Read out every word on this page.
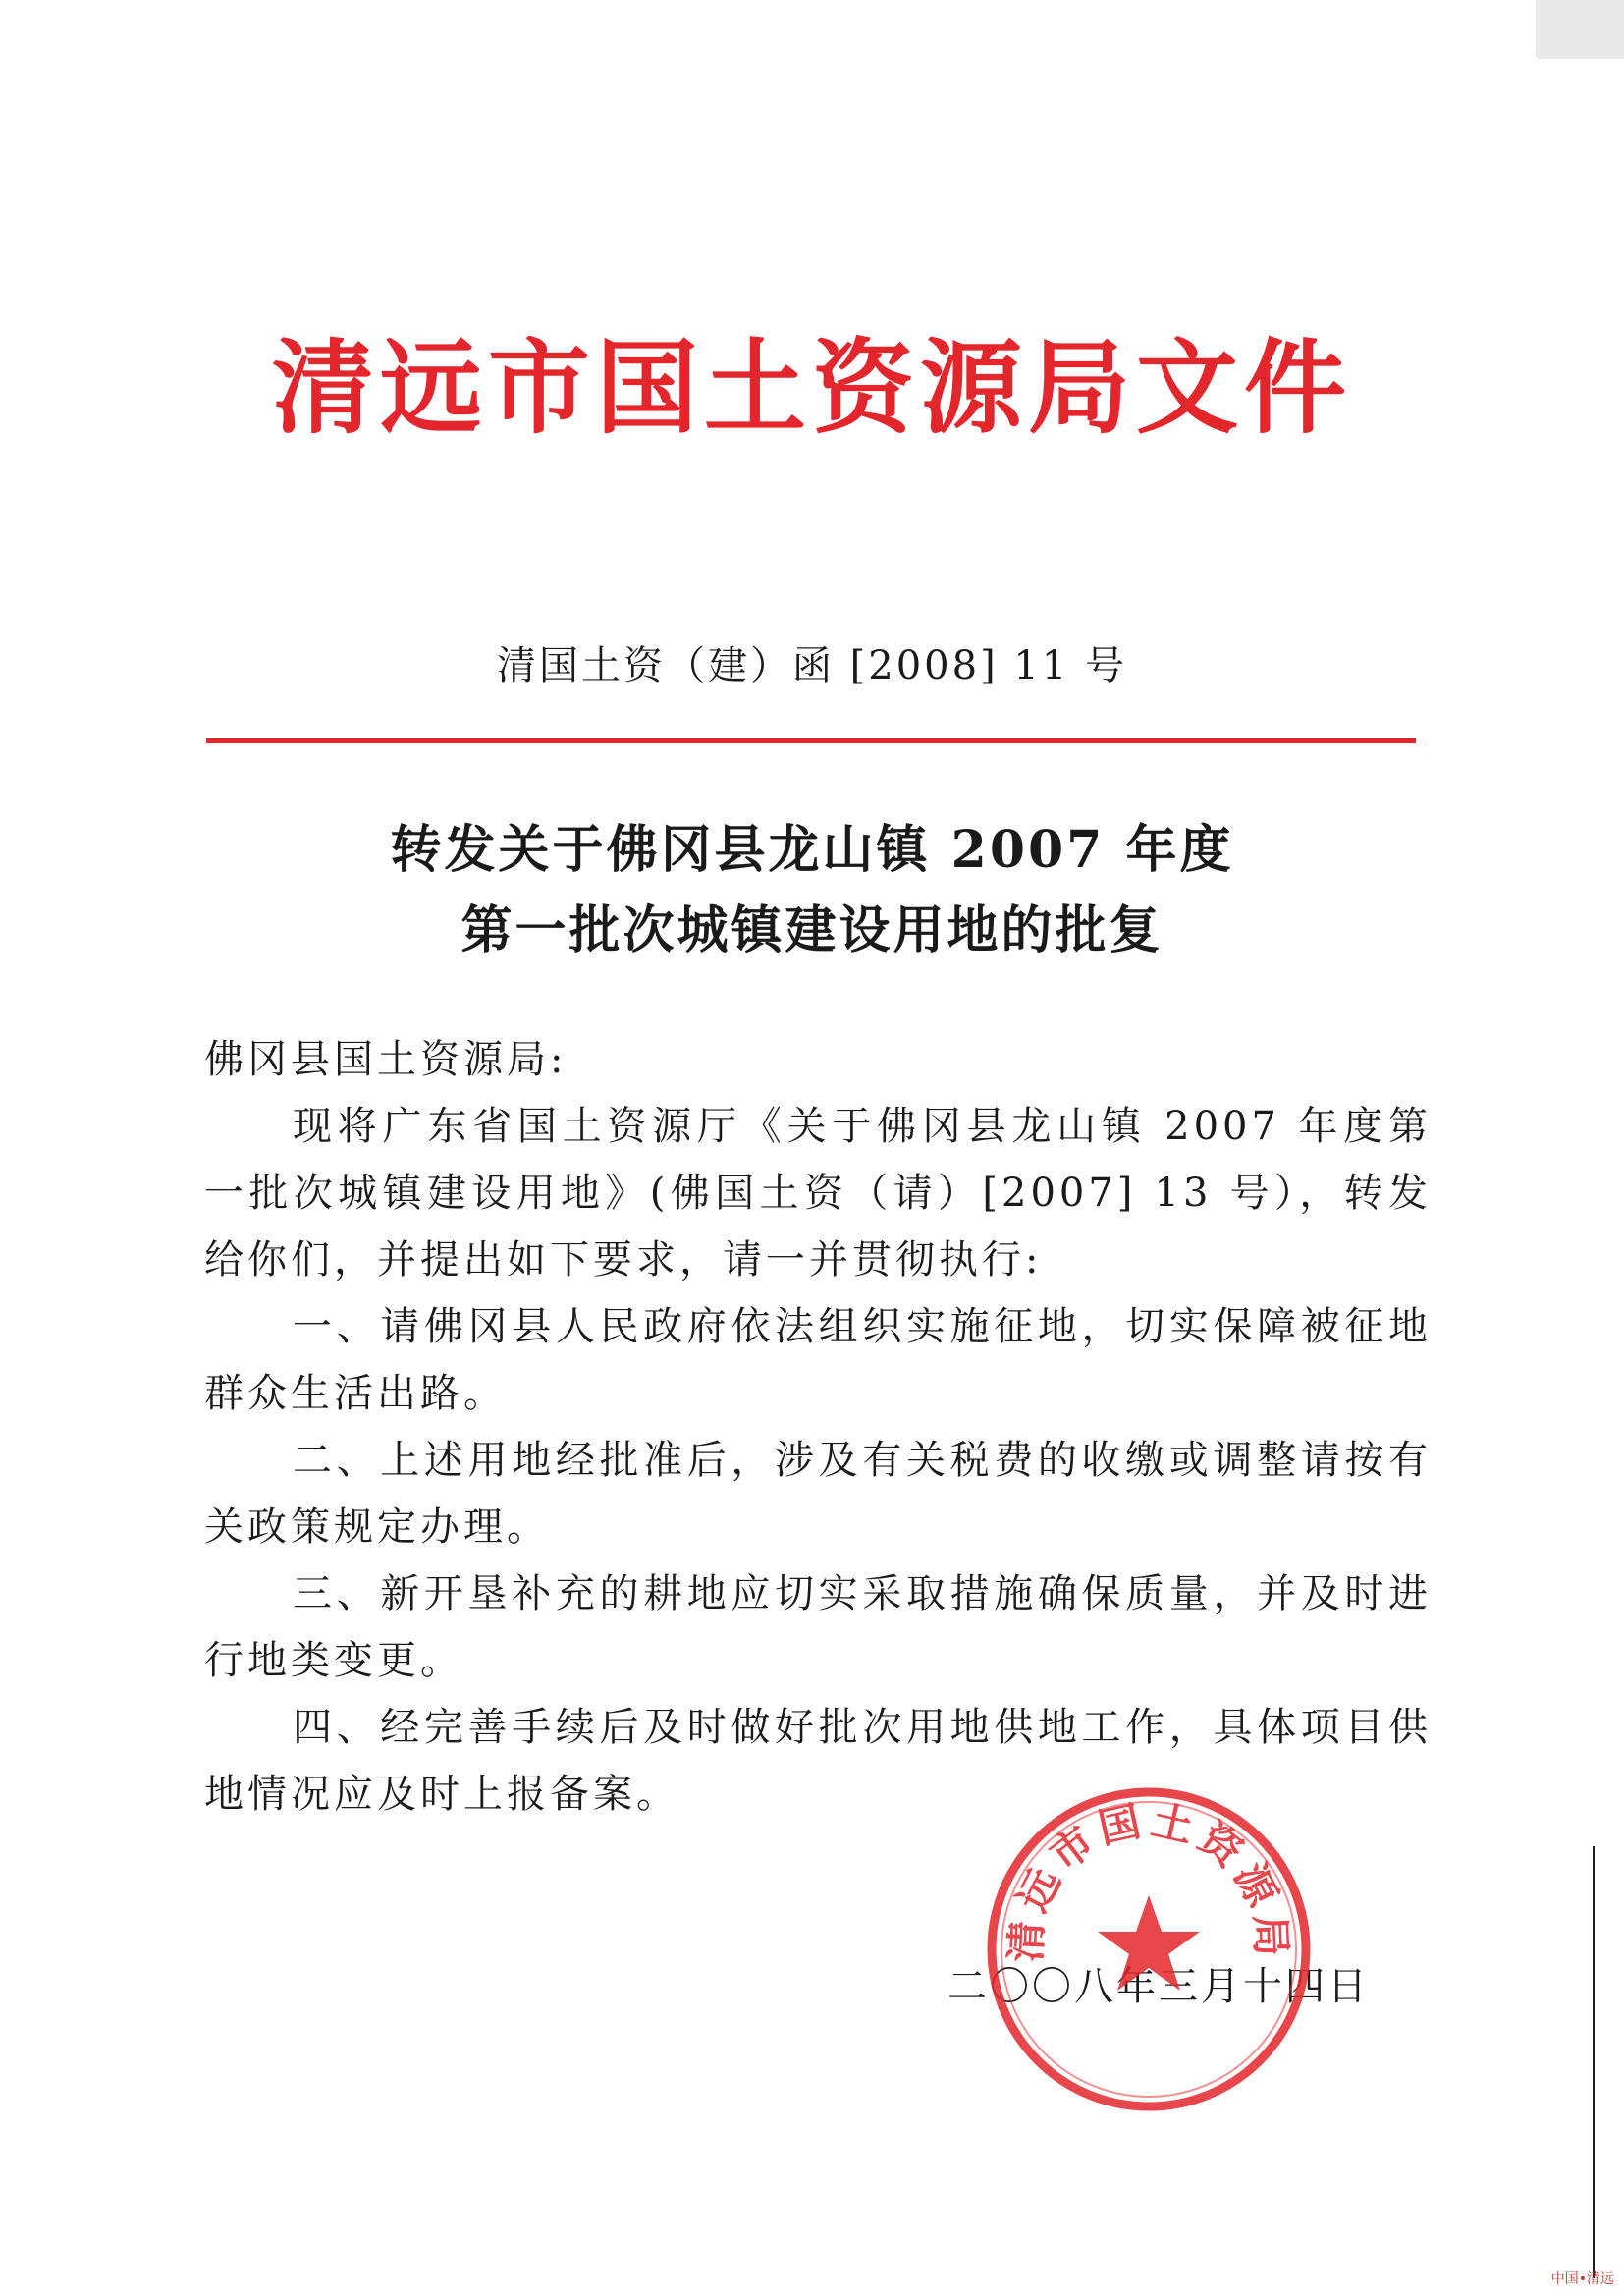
清远市国土资源局文件
清国土资（建）函 [2008] 11 号
转发关于佛冈县龙山镇 2007 年度
第一批次城镇建设用地的批复

佛冈县国土资源局:

现将广东省国土资源厅《关于佛冈县龙山镇 2007 年度第一批次城镇建设用地》(佛国土资（请）[2007] 13 号），转发给你们，并提出如下要求，请一并贯彻执行:

一、请佛冈县人民政府依法组织实施征地，切实保障被征地群众生活出路。

二、上述用地经批准后，涉及有关税费的收缴或调整请按有关政策规定办理。

三、新开垦补充的耕地应切实采取措施确保质量，并及时进行地类变更。

四、经完善手续后及时做好批次用地供地工作，具体项目供地情况应及时上报备案。

二〇〇八年三月十四日
清远市国土资源局
中国•清远
